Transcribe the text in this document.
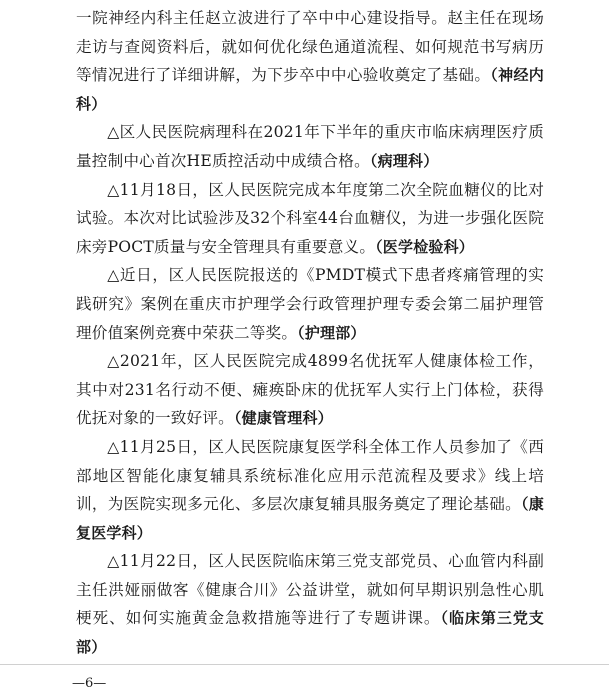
一院神经内科主任赵立波进行了卒中中心建设指导。赵主任在现场走访与查阅资料后，就如何优化绿色通道流程、如何规范书写病历等情况进行了详细讲解，为下步卒中中心验收奠定了基础。（神经内科）

△区人民医院病理科在2021年下半年的重庆市临床病理医疗质量控制中心首次HE质控活动中成绩合格。（病理科）

△11月18日，区人民医院完成本年度第二次全院血糖仪的比对试验。本次对比试验涉及32个科室44台血糖仪，为进一步强化医院床旁POCT质量与安全管理具有重要意义。（医学检验科）

△近日，区人民医院报送的《PMDT模式下患者疼痛管理的实践研究》案例在重庆市护理学会行政管理护理专委会第二届护理管理价值案例竞赛中荣获二等奖。（护理部）

△2021年，区人民医院完成4899名优抚军人健康体检工作，其中对231名行动不便、瘫痪卧床的优抚军人实行上门体检，获得优抚对象的一致好评。（健康管理科）

△11月25日，区人民医院康复医学科全体工作人员参加了《西部地区智能化康复辅具系统标准化应用示范流程及要求》线上培训，为医院实现多元化、多层次康复辅具服务奠定了理论基础。（康复医学科）

△11月22日，区人民医院临床第三党支部党员、心血管内科副主任洪娅丽做客《健康合川》公益讲堂，就如何早期识别急性心肌梗死、如何实施黄金急救措施等进行了专题讲课。（临床第三党支部）

—6—
